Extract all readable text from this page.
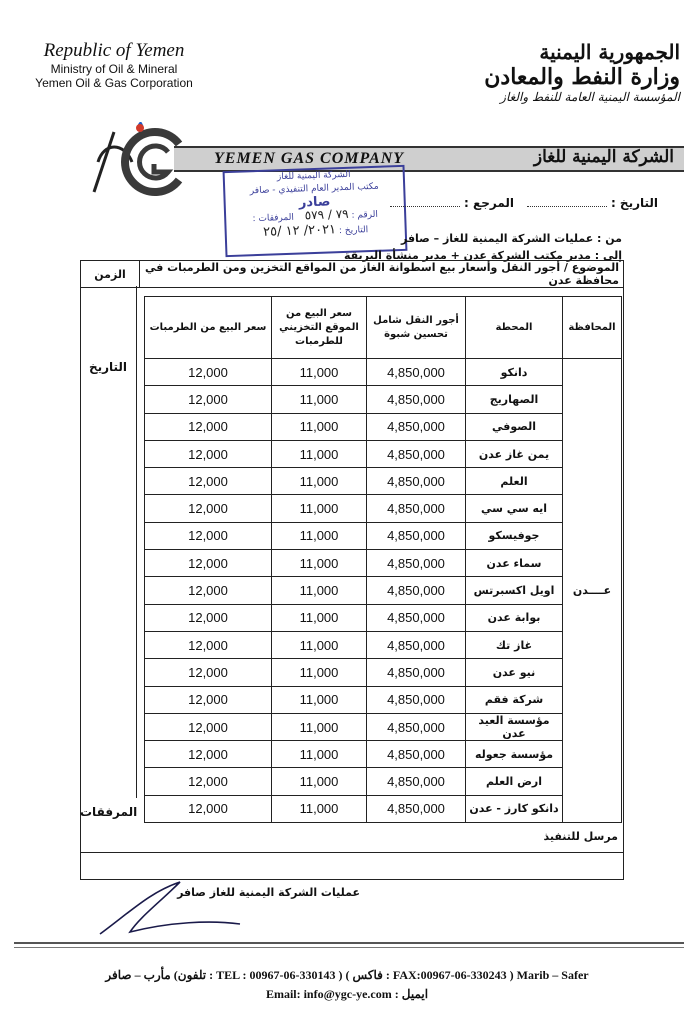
Republic of Yemen
Ministry of Oil & Mineral
Yemen Oil & Gas Corporation
الجمهورية اليمنية
وزارة النفط والمعادن
المؤسسة اليمنية العامة للنفط والغاز
YEMEN GAS COMPANY	الشركة اليمنية للغاز
الشركة اليمنية للغاز
مكتب المدير العام التنفيذي - صافر
صادر
الرقم : ٧٩ / ٥٧٩ المرفقات :
التاريخ : ٢٠٢١/ ١٢ /٢٥
التاريخ :
المرجع :
من : عمليات الشركة اليمنية للغاز – صافر
إلى : مدير مكتب الشركة عدن + مدير منشأة البريقة
الموضوع / أجور النقل وأسعار بيع اسطوانة الغاز من المواقع التخزين ومن الطرمبات في محافظة عدن	الزمن
التاريخ
المرفقات
المحافظة	المحطة	أجور النقل شامل تحسين شبوة	سعر البيع من الموقع التخزيني للطرمبات	سعر البيع من الطرمبات
عــــدن	دانكو	4,850,000	11,000	12,000
	الصهاريج	4,850,000	11,000	12,000
	الصوفي	4,850,000	11,000	12,000
	يمن غاز عدن	4,850,000	11,000	12,000
	العلم	4,850,000	11,000	12,000
	ايه سي سي	4,850,000	11,000	12,000
	جوفيسكو	4,850,000	11,000	12,000
	سماء عدن	4,850,000	11,000	12,000
	اويل اكسبرتس	4,850,000	11,000	12,000
	بوابة عدن	4,850,000	11,000	12,000
	غاز تك	4,850,000	11,000	12,000
	نيو عدن	4,850,000	11,000	12,000
	شركة فقم	4,850,000	11,000	12,000
	مؤسسة العيد عدن	4,850,000	11,000	12,000
	مؤسسة جعوله	4,850,000	11,000	12,000
	ارض العلم	4,850,000	11,000	12,000
	دانكو كارز - عدن	4,850,000	11,000	12,000
مرسل للتنفيذ
عمليات الشركة اليمنية للغاز صافر
مأرب – صافر (تلفون : TEL : 00967-06-330143 ) ( فاكس : FAX:00967-06-330243 ) Marib – Safer
Email: info@ygc-ye.com : ايميل
